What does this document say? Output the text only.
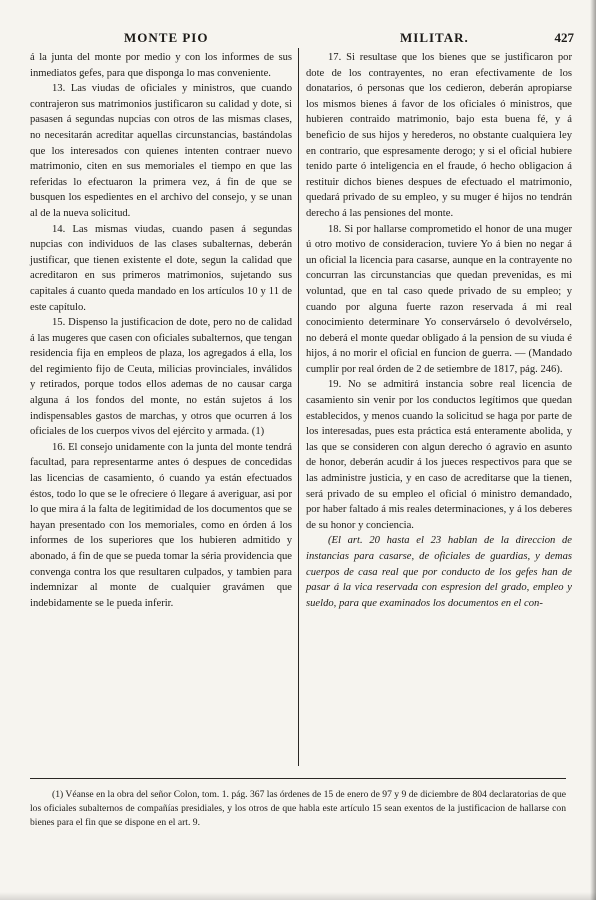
MONTE PIO	MILITAR.	427

á la junta del monte por medio y con los informes de sus inmediatos gefes, para que disponga lo mas conveniente.

13. Las viudas de oficiales y ministros, que cuando contrajeron sus matrimonios justificaron su calidad y dote, si pasasen á segundas nupcias con otros de las mismas clases, no necesitarán acreditar aquellas circunstancias, bastándolas que los interesados con quienes intenten contraer nuevo matrimonio, citen en sus memoriales el tiempo en que las referidas lo efectuaron la primera vez, á fin de que se busquen los espedientes en el archivo del consejo, y se unan al de la nueva solicitud.

14. Las mismas viudas, cuando pasen á segundas nupcias con individuos de las clases subalternas, deberán justificar, que tienen existente el dote, segun la calidad que acreditaron en sus primeros matrimonios, sujetando sus capitales á cuanto queda mandado en los artículos 10 y 11 de este capítulo.

15. Dispenso la justificacion de dote, pero no de calidad á las mugeres que casen con oficiales subalternos, que tengan residencia fija en empleos de plaza, los agregados á ella, los del regimiento fijo de Ceuta, milicias provinciales, inválidos y retirados, porque todos ellos ademas de no causar carga alguna á los fondos del monte, no están sujetos á los indispensables gastos de marchas, y otros que ocurren á los oficiales de los cuerpos vivos del ejército y armada. (1)

16. El consejo unidamente con la junta del monte tendrá facultad, para representarme antes ó despues de concedidas las licencias de casamiento, ó cuando ya están efectuados éstos, todo lo que se le ofreciere ó llegare á averiguar, asi por lo que mira á la falta de legitimidad de los documentos que se hayan presentado con los memoriales, como en órden á los informes de los superiores que los hubieren admitido y abonado, á fin de que se pueda tomar la séria providencia que convenga contra los que resultaren culpados, y tambien para indemnizar al monte de cualquier gravámen que indebidamente se le pueda inferir.

17. Si resultase que los bienes que se justificaron por dote de los contrayentes, no eran efectivamente de los donatarios, ó personas que los cedieron, deberán apropiarse los mismos bienes á favor de los oficiales ó ministros, que hubieren contraido matrimonio, bajo esta buena fé, y á beneficio de sus hijos y herederos, no obstante cualquiera ley en contrario, que espresamente derogo; y si el oficial hubiere tenido parte ó inteligencia en el fraude, ó hecho obligacion á restituir dichos bienes despues de efectuado el matrimonio, quedará privado de su empleo, y su muger é hijos no tendrán derecho á las pensiones del monte.

18. Si por hallarse comprometido el honor de una muger ú otro motivo de consideracion, tuviere Yo á bien no negar á un oficial la licencia para casarse, aunque en la contrayente no concurran las circunstancias que quedan prevenidas, es mi voluntad, que en tal caso quede privado de su empleo; y cuando por alguna fuerte razon reservada á mi real conocimiento determinare Yo conservárselo ó devolvérselo, no deberá el monte quedar obligado á la pension de su viuda é hijos, á no morir el oficial en funcion de guerra. — (Mandado cumplir por real órden de 2 de setiembre de 1817, pág. 246).

19. No se admitirá instancia sobre real licencia de casamiento sin venir por los conductos legítimos que quedan establecidos, y menos cuando la solicitud se haga por parte de los interesadas, pues esta práctica está enteramente abolida, y las que se consideren con algun derecho ó agravio en asunto de honor, deberán acudir á los jueces respectivos para que se las administre justicia, y en caso de acreditarse que la tienen, será privado de su empleo el oficial ó ministro demandado, por haber faltado á mis reales determinaciones, y á los deberes de su honor y conciencia.

(El art. 20 hasta el 23 hablan de la direccion de instancias para casarse, de oficiales de guardias, y demas cuerpos de casa real que por conducto de los gefes han de pasar á la vica reservada con espresion del grado, empleo y sueldo, para que examinados los documentos en el con-

(1) Véanse en la obra del señor Colon, tom. 1. pág. 367 las órdenes de 15 de enero de 97 y 9 de diciembre de 804 declaratorias de que los oficiales subalternos de compañías presidiales, y los otros de que habla este artículo 15 sean exentos de la justificacion de hallarse con bienes para el fin que se dispone en el art. 9.
